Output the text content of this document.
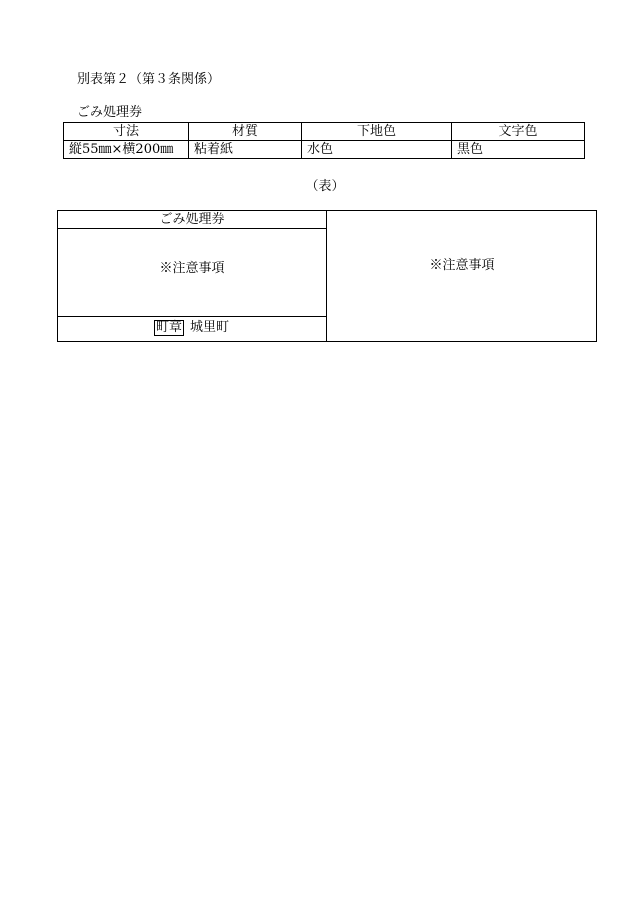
別表第２（第３条関係）
ごみ処理券
寸法	材質	下地色	文字色
縦55㎜×横200㎜	粘着紙	水色	黒色
（表）
ごみ処理券
※注意事項
町章 城里町
※注意事項
